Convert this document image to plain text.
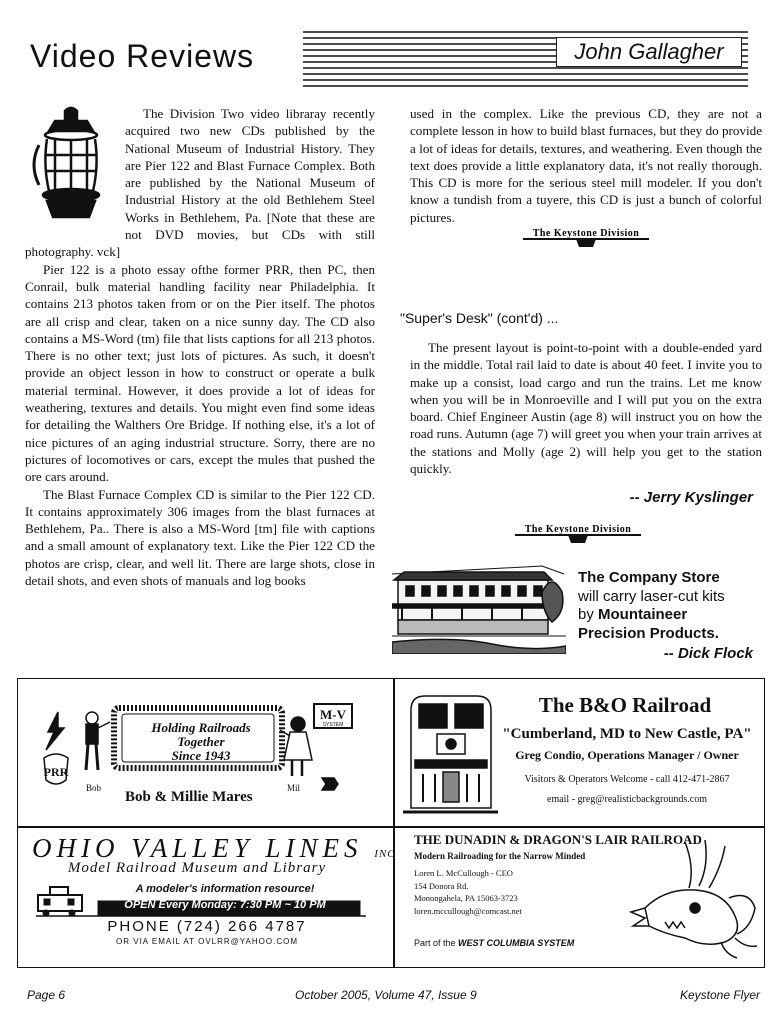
Video Reviews	John Gallagher

The Division Two video libraray recently acquired two new CDs published by the National Museum of Industrial History. They are Pier 122 and Blast Furnace Complex. Both are published by the National Museum of Industrial History at the old Bethlehem Steel Works in Bethlehem, Pa. [Note that these are not DVD movies, but CDs with still photography. vck]

Pier 122 is a photo essay ofthe former PRR, then PC, then Conrail, bulk material handling facility near Philadelphia. It contains 213 photos taken from or on the Pier itself. The photos are all crisp and clear, taken on a nice sunny day. The CD also contains a MS-Word (tm) file that lists captions for all 213 photos. There is no other text; just lots of pictures. As such, it doesn't provide an object lesson in how to construct or operate a bulk material terminal. However, it does provide a lot of ideas for weathering, textures and details. You might even find some ideas for detailing the Walthers Ore Bridge. If nothing else, it's a lot of nice pictures of an aging industrial structure. Sorry, there are no pictures of locomotives or cars, except the mules that pushed the ore cars around.

The Blast Furnace Complex CD is similar to the Pier 122 CD. It contains approximately 306 images from the blast furnaces at Bethlehem, Pa.. There is also a MS-Word [tm] file with captions and a small amount of explanatory text. Like the Pier 122 CD the photos are crisp, clear, and well lit. There are large shots, close in detail shots, and even shots of manuals and log books

used in the complex. Like the previous CD, they are not a complete lesson in how to build blast furnaces, but they do provide a lot of ideas for details, textures, and weathering. Even though the text does provide a little explanatory data, it's not really thorough. This CD is more for the serious steel mill modeler. If you don't know a tundish from a tuyere, this CD is just a bunch of colorful pictures.

The Keystone Division
"Super's Desk" (cont'd) ...

The present layout is point-to-point with a double-ended yard in the middle. Total rail laid to date is about 40 feet. I invite you to make up a consist, load cargo and run the trains. Let me know when you will be in Monroeville and I will put you on the extra board. Chief Engineer Austin (age 8) will instruct you on how the road runs. Autumn (age 7) will greet you when your train arrives at the stations and Molly (age 2) will help you get to the station quickly.

-- Jerry Kyslinger
The Keystone Division
The Company Store
will carry laser-cut kits
by Mountaineer Precision Products.
-- Dick Flock
PRR
M-V
SYSTEM
Holding Railroads
Together
Since 1943
Bob	Mil
Bob & Millie Mares
The B&O Railroad
"Cumberland, MD to New Castle, PA"
Greg Condio, Operations Manager / Owner
Visitors & Operators Welcome - call 412-471-2867
email - greg@realisticbackgrounds.com
OHIO VALLEY LINES INC
Model Railroad Museum and Library
A modeler's information resource!
OPEN Every Monday: 7:30 PM ~ 10 PM
PHONE (724) 266 4787
OR VIA EMAIL AT OVLRR@YAHOO.COM
THE DUNADIN & DRAGON'S LAIR RAILROAD
Modern Railroading for the Narrow Minded
Loren L. McCullough - CEO
154 Donora Rd.
Monongahela, PA 15063-3723
loren.mccullough@comcast.net
Part of the WEST COLUMBIA SYSTEM
Page 6	October 2005, Volume 47, Issue 9	Keystone Flyer
